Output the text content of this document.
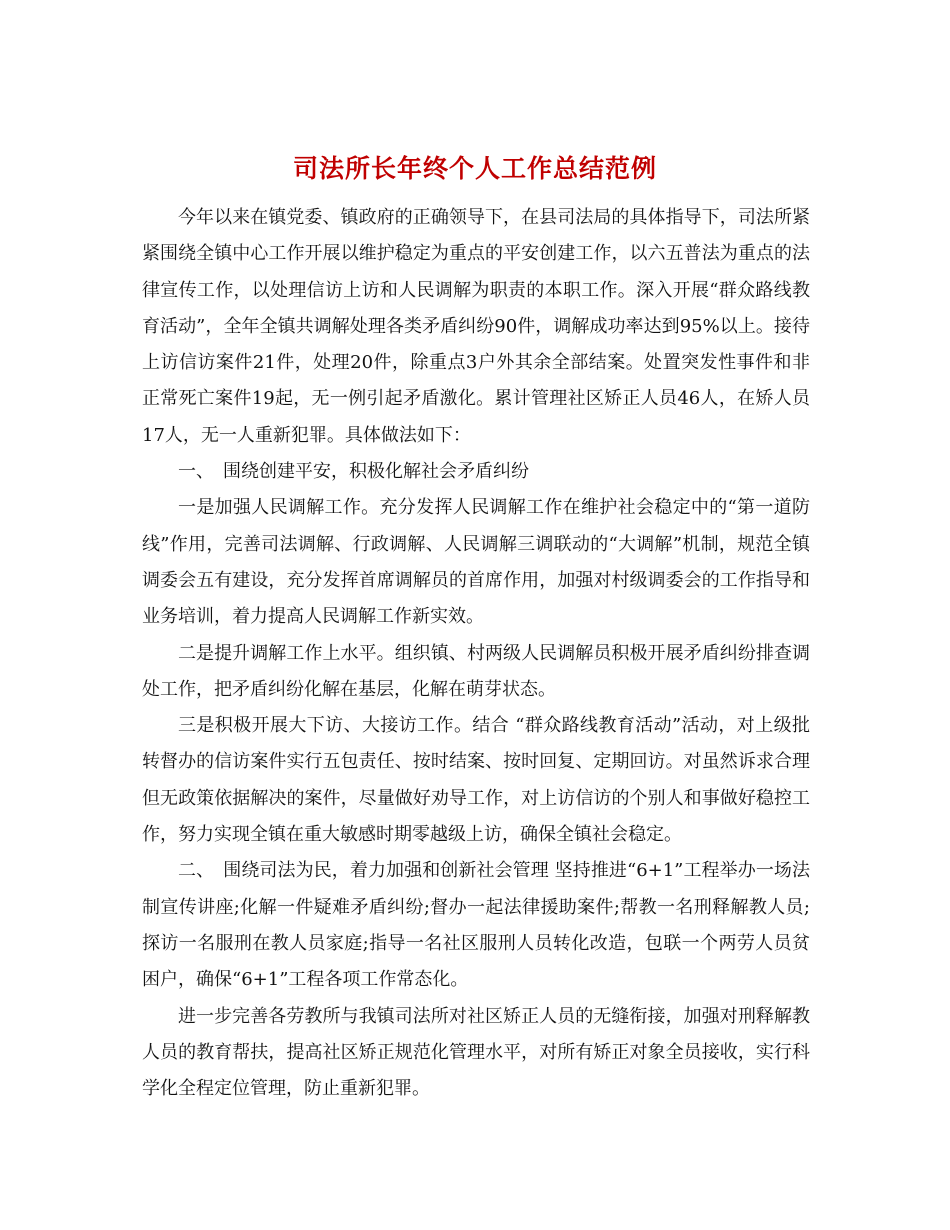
司法所长年终个人工作总结范例

今年以来在镇党委、镇政府的正确领导下，在县司法局的具体指导下，司法所紧紧围绕全镇中心工作开展以维护稳定为重点的平安创建工作，以六五普法为重点的法律宣传工作，以处理信访上访和人民调解为职责的本职工作。深入开展“群众路线教育活动”，全年全镇共调解处理各类矛盾纠纷90件，调解成功率达到95%以上。接待上访信访案件21件，处理20件，除重点3户外其余全部结案。处置突发性事件和非正常死亡案件19起，无一例引起矛盾激化。累计管理社区矫正人员46人，在矫人员17人，无一人重新犯罪。具体做法如下：

一、　围绕创建平安，积极化解社会矛盾纠纷

一是加强人民调解工作。充分发挥人民调解工作在维护社会稳定中的“第一道防线”作用，完善司法调解、行政调解、人民调解三调联动的“大调解”机制，规范全镇调委会五有建设，充分发挥首席调解员的首席作用，加强对村级调委会的工作指导和业务培训，着力提高人民调解工作新实效。

二是提升调解工作上水平。组织镇、村两级人民调解员积极开展矛盾纠纷排查调处工作，把矛盾纠纷化解在基层，化解在萌芽状态。

三是积极开展大下访、大接访工作。结合 “群众路线教育活动”活动，对上级批转督办的信访案件实行五包责任、按时结案、按时回复、定期回访。对虽然诉求合理但无政策依据解决的案件，尽量做好劝导工作，对上访信访的个别人和事做好稳控工作，努力实现全镇在重大敏感时期零越级上访，确保全镇社会稳定。

二、　围绕司法为民，着力加强和创新社会管理 坚持推进“6+1”工程举办一场法制宣传讲座;化解一件疑难矛盾纠纷;督办一起法律援助案件;帮教一名刑释解教人员;探访一名服刑在教人员家庭;指导一名社区服刑人员转化改造，包联一个两劳人员贫困户，确保“6+1”工程各项工作常态化。

进一步完善各劳教所与我镇司法所对社区矫正人员的无缝衔接，加强对刑释解教人员的教育帮扶，提高社区矫正规范化管理水平，对所有矫正对象全员接收，实行科学化全程定位管理，防止重新犯罪。
